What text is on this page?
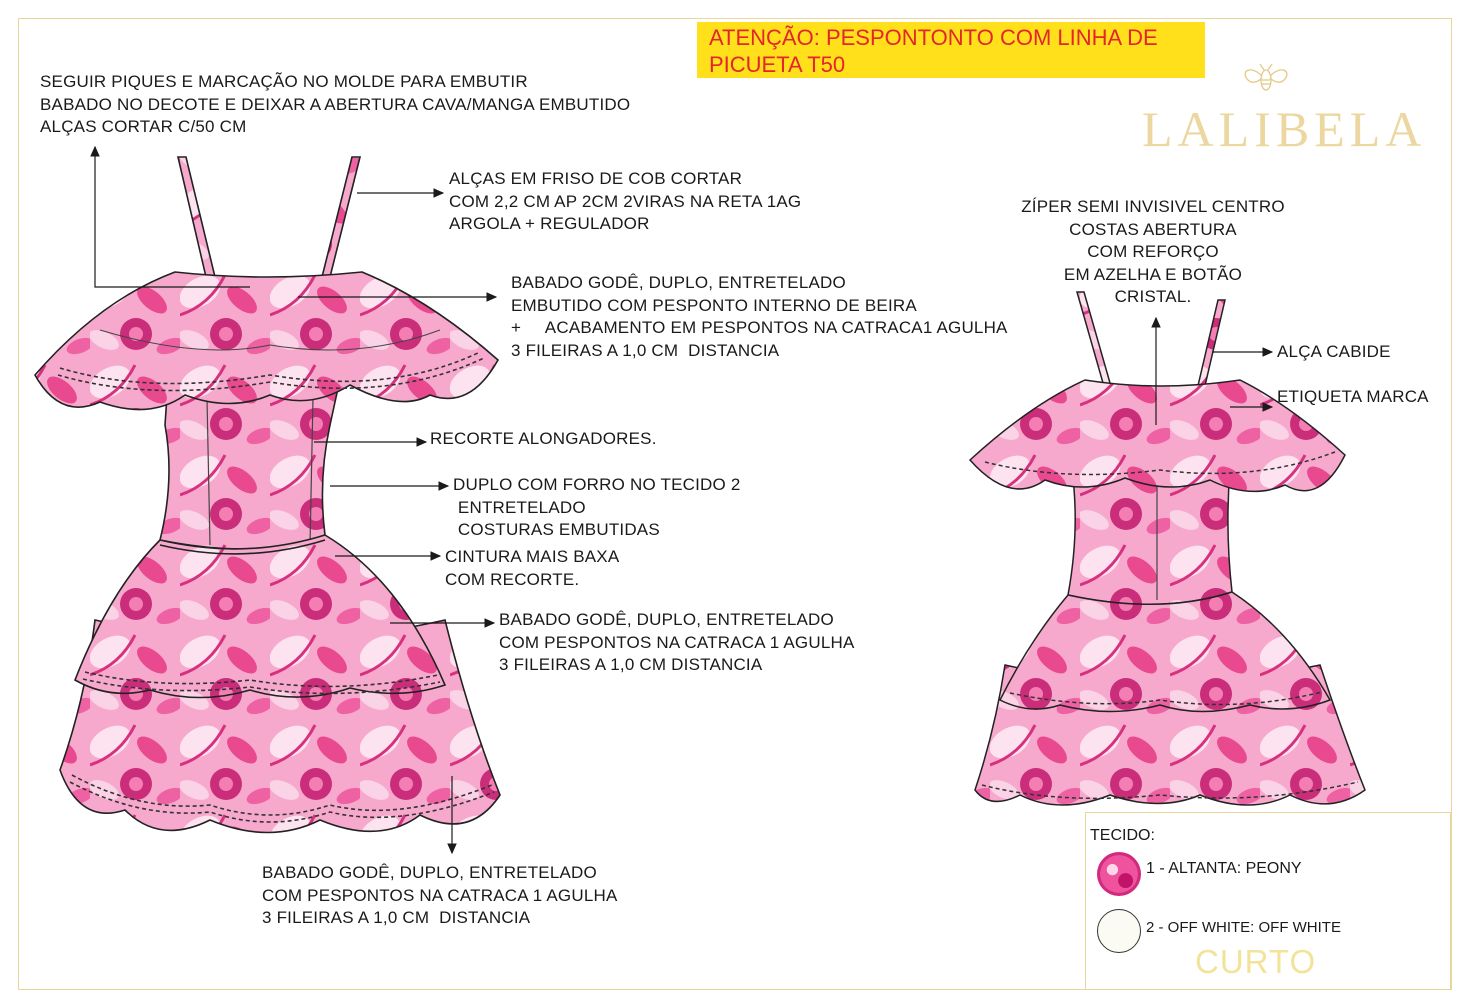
ATENÇÃO: PESPONTONTO COM LINHA DE
PICUETA T50
LALIBELA
SEGUIR PIQUES E MARCAÇÃO NO MOLDE PARA EMBUTIR
BABADO NO DECOTE E DEIXAR A ABERTURA CAVA/MANGA EMBUTIDO
ALÇAS CORTAR C/50 CM
ALÇAS EM FRISO DE COB CORTAR
COM 2,2 CM AP 2CM 2VIRAS NA RETA 1AG
ARGOLA + REGULADOR
BABADO GODÊ, DUPLO, ENTRETELADO
EMBUTIDO COM PESPONTO INTERNO DE BEIRA
+     ACABAMENTO EM PESPONTOS NA CATRACA1 AGULHA
3 FILEIRAS A 1,0 CM  DISTANCIA
RECORTE ALONGADORES.
DUPLO COM FORRO NO TECIDO 2
ENTRETELADO
COSTURAS EMBUTIDAS
CINTURA MAIS BAXA
COM RECORTE.
BABADO GODÊ, DUPLO, ENTRETELADO
COM PESPONTOS NA CATRACA 1 AGULHA
3 FILEIRAS A 1,0 CM DISTANCIA
BABADO GODÊ, DUPLO, ENTRETELADO
COM PESPONTOS NA CATRACA 1 AGULHA
3 FILEIRAS A 1,0 CM  DISTANCIA
ZÍPER SEMI INVISIVEL CENTRO
COSTAS ABERTURA
COM REFORÇO
EM AZELHA E BOTÃO
CRISTAL.
ALÇA CABIDE
ETIQUETA MARCA
TECIDO:
1 - ALTANTA: PEONY
2 - OFF WHITE: OFF WHITE
CURTO
